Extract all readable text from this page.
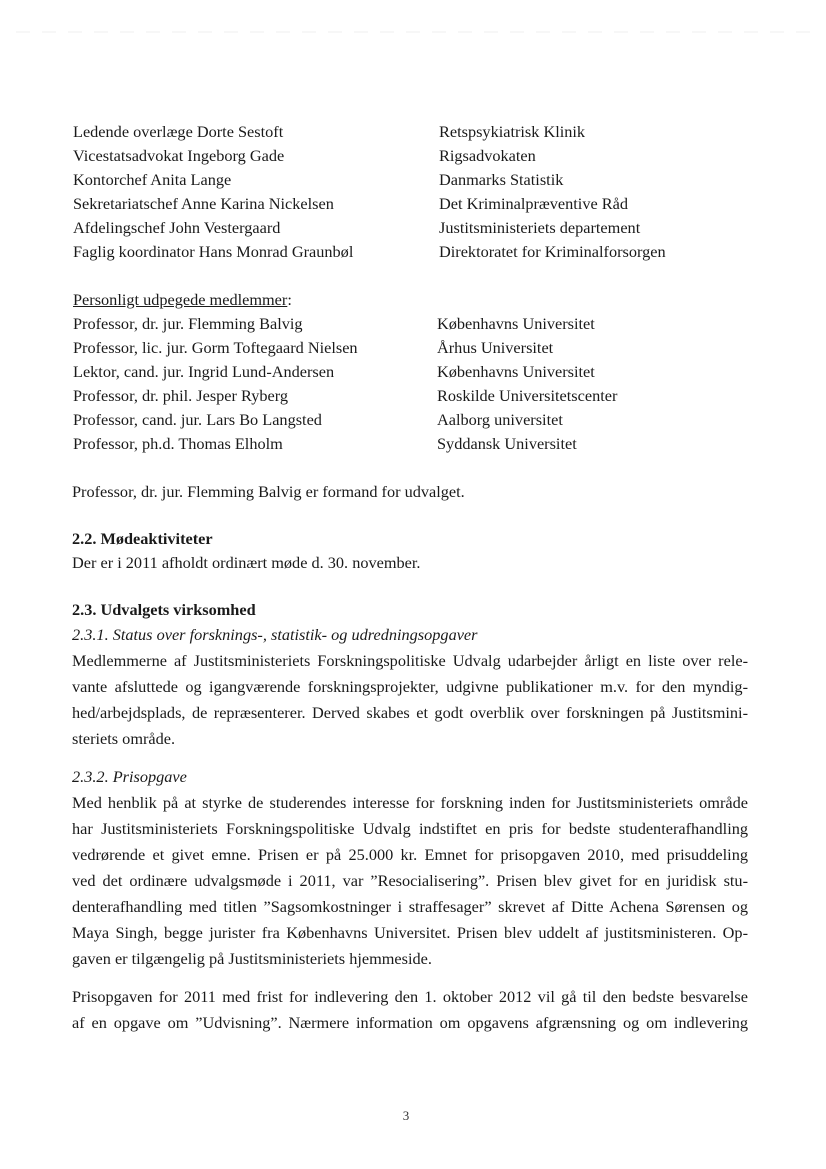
Ledende overlæge Dorte Sestoft	Retspsykiatrisk Klinik
Vicestatsadvokat Ingeborg Gade	Rigsadvokaten
Kontorchef Anita Lange	Danmarks Statistik
Sekretariatschef Anne Karina Nickelsen	Det Kriminalpræventive Råd
Afdelingschef John Vestergaard	Justitsministeriets departement
Faglig koordinator Hans Monrad Graunbøl	Direktoratet for Kriminalforsorgen
Personligt udpegede medlemmer:
Professor, dr. jur. Flemming Balvig	Københavns Universitet
Professor, lic. jur. Gorm Toftegaard Nielsen	Århus Universitet
Lektor, cand. jur. Ingrid Lund-Andersen	Københavns Universitet
Professor, dr. phil. Jesper Ryberg	Roskilde Universitetscenter
Professor, cand. jur. Lars Bo Langsted	Aalborg universitet
Professor, ph.d. Thomas Elholm	Syddansk Universitet
Professor, dr. jur. Flemming Balvig er formand for udvalget.
2.2. Mødeaktiviteter
Der er i 2011 afholdt ordinært møde d. 30. november.
2.3. Udvalgets virksomhed
2.3.1. Status over forsknings-, statistik- og udredningsopgaver
Medlemmerne af Justitsministeriets Forskningspolitiske Udvalg udarbejder årligt en liste over rele-
vante afsluttede og igangværende forskningsprojekter, udgivne publikationer m.v. for den myndig-
hed/arbejdsplads, de repræsenterer. Derved skabes et godt overblik over forskningen på Justitsmini-
steriets område.
2.3.2. Prisopgave
Med henblik på at styrke de studerendes interesse for forskning inden for Justitsministeriets område
har Justitsministeriets Forskningspolitiske Udvalg indstiftet en pris for bedste studenterafhandling
vedrørende et givet emne. Prisen er på 25.000 kr. Emnet for prisopgaven 2010, med prisuddeling
ved det ordinære udvalgsmøde i 2011, var ”Resocialisering”. Prisen blev givet for en juridisk stu-
denterafhandling med titlen ”Sagsomkostninger i straffesager” skrevet af Ditte Achena Sørensen og
Maya Singh, begge jurister fra Københavns Universitet. Prisen blev uddelt af justitsministeren. Op-
gaven er tilgængelig på Justitsministeriets hjemmeside.
Prisopgaven for 2011 med frist for indlevering den 1. oktober 2012 vil gå til den bedste besvarelse
af en opgave om ”Udvisning”. Nærmere information om opgavens afgrænsning og om indlevering
3
